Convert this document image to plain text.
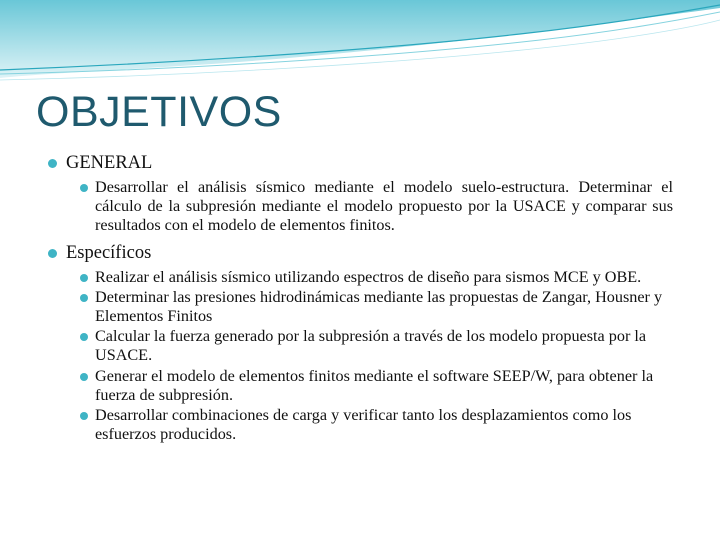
OBJETIVOS
GENERAL
Desarrollar el análisis sísmico mediante el modelo suelo-estructura. Determinar el cálculo de la subpresión mediante el modelo propuesto por la USACE y comparar sus resultados con el modelo de elementos finitos.
Específicos
Realizar el análisis sísmico utilizando espectros de diseño para sismos MCE y OBE.
Determinar las presiones hidrodinámicas mediante las propuestas de Zangar, Housner y Elementos Finitos
Calcular la fuerza generado por la subpresión a través de los modelo propuesta por la USACE.
Generar el modelo de elementos finitos mediante el software SEEP/W, para obtener la fuerza de subpresión.
Desarrollar combinaciones de carga y verificar tanto los desplazamientos como los esfuerzos producidos.
